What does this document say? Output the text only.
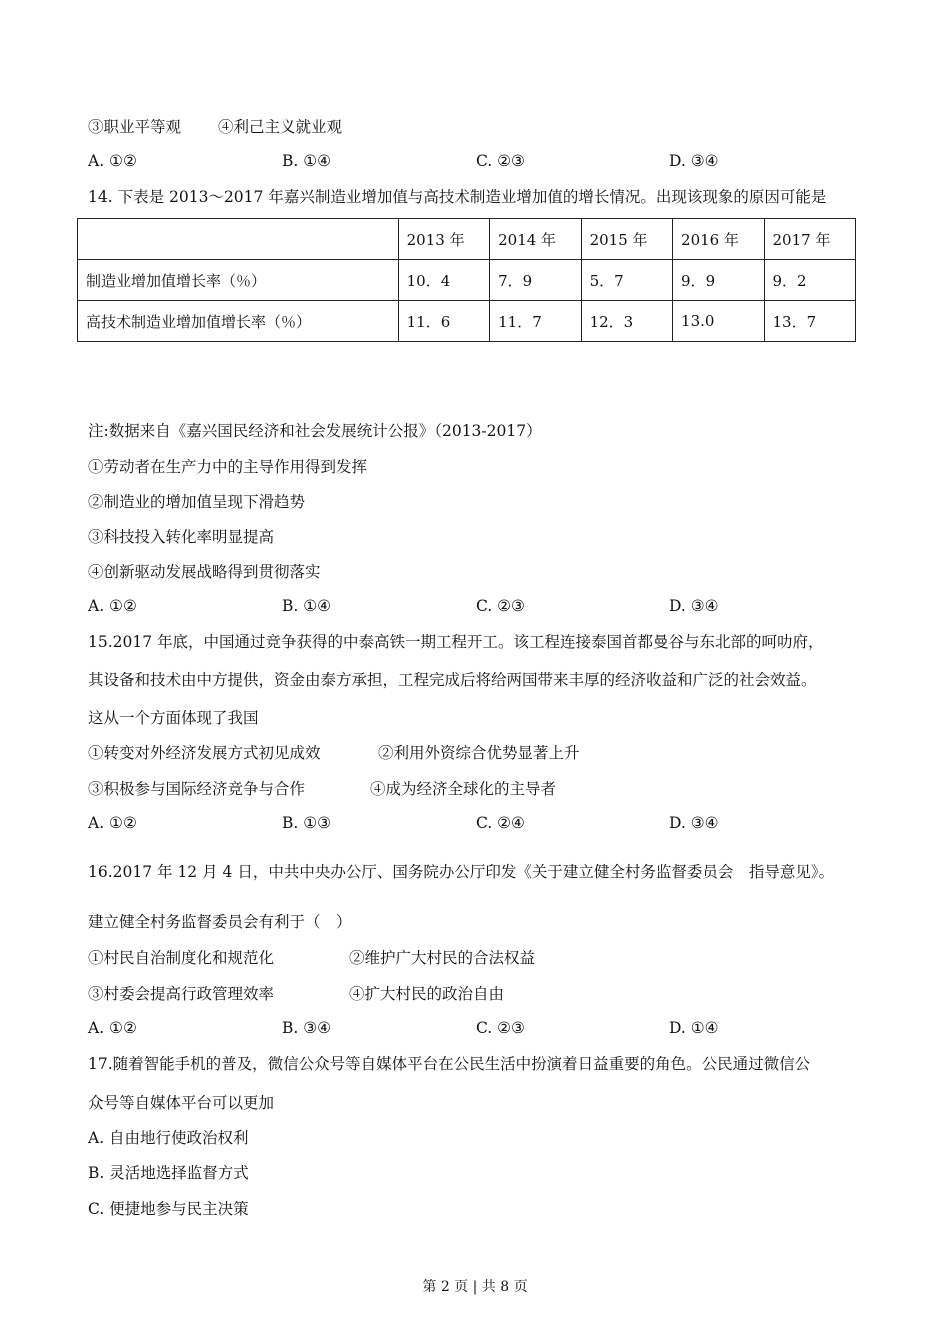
③职业平等观 ④利己主义就业观
A. ①②	B. ①④	C. ②③	D. ③④
14. 下表是 2013～2017 年嘉兴制造业增加值与高技术制造业增加值的增长情况。出现该现象的原因可能是
	2013 年	2014 年	2015 年	2016 年	2017 年
制造业增加值增长率（％）	10．4	7．9	5．7	9．9	9．2
高技术制造业增加值增长率（％）	11．6	11．7	12．3	13.0	13．7
注:数据来自《嘉兴国民经济和社会发展统计公报》（2013-2017）
①劳动者在生产力中的主导作用得到发挥
②制造业的增加值呈现下滑趋势
③科技投入转化率明显提高
④创新驱动发展战略得到贯彻落实
A. ①②	B. ①④	C. ②③	D. ③④
15.2017 年底，中国通过竞争获得的中泰高铁一期工程开工。该工程连接泰国首都曼谷与东北部的呵叻府，
其设备和技术由中方提供，资金由泰方承担，工程完成后将给两国带来丰厚的经济收益和广泛的社会效益。
这从一个方面体现了我国
①转变对外经济发展方式初见成效	②利用外资综合优势显著上升
③积极参与国际经济竞争与合作	④成为经济全球化的主导者
A. ①②	B. ①③	C. ②④	D. ③④
16.2017 年 12 月 4 日，中共中央办公厅、国务院办公厅印发《关于建立健全村务监督委员会　指导意见》。
建立健全村务监督委员会有利于（　）
①村民自治制度化和规范化	②维护广大村民的合法权益
③村委会提高行政管理效率	④扩大村民的政治自由
A. ①②	B. ③④	C. ②③	D. ①④
17.随着智能手机的普及，微信公众号等自媒体平台在公民生活中扮演着日益重要的角色。公民通过微信公
众号等自媒体平台可以更加
A. 自由地行使政治权利
B. 灵活地选择监督方式
C. 便捷地参与民主决策
第 2 页 | 共 8 页
